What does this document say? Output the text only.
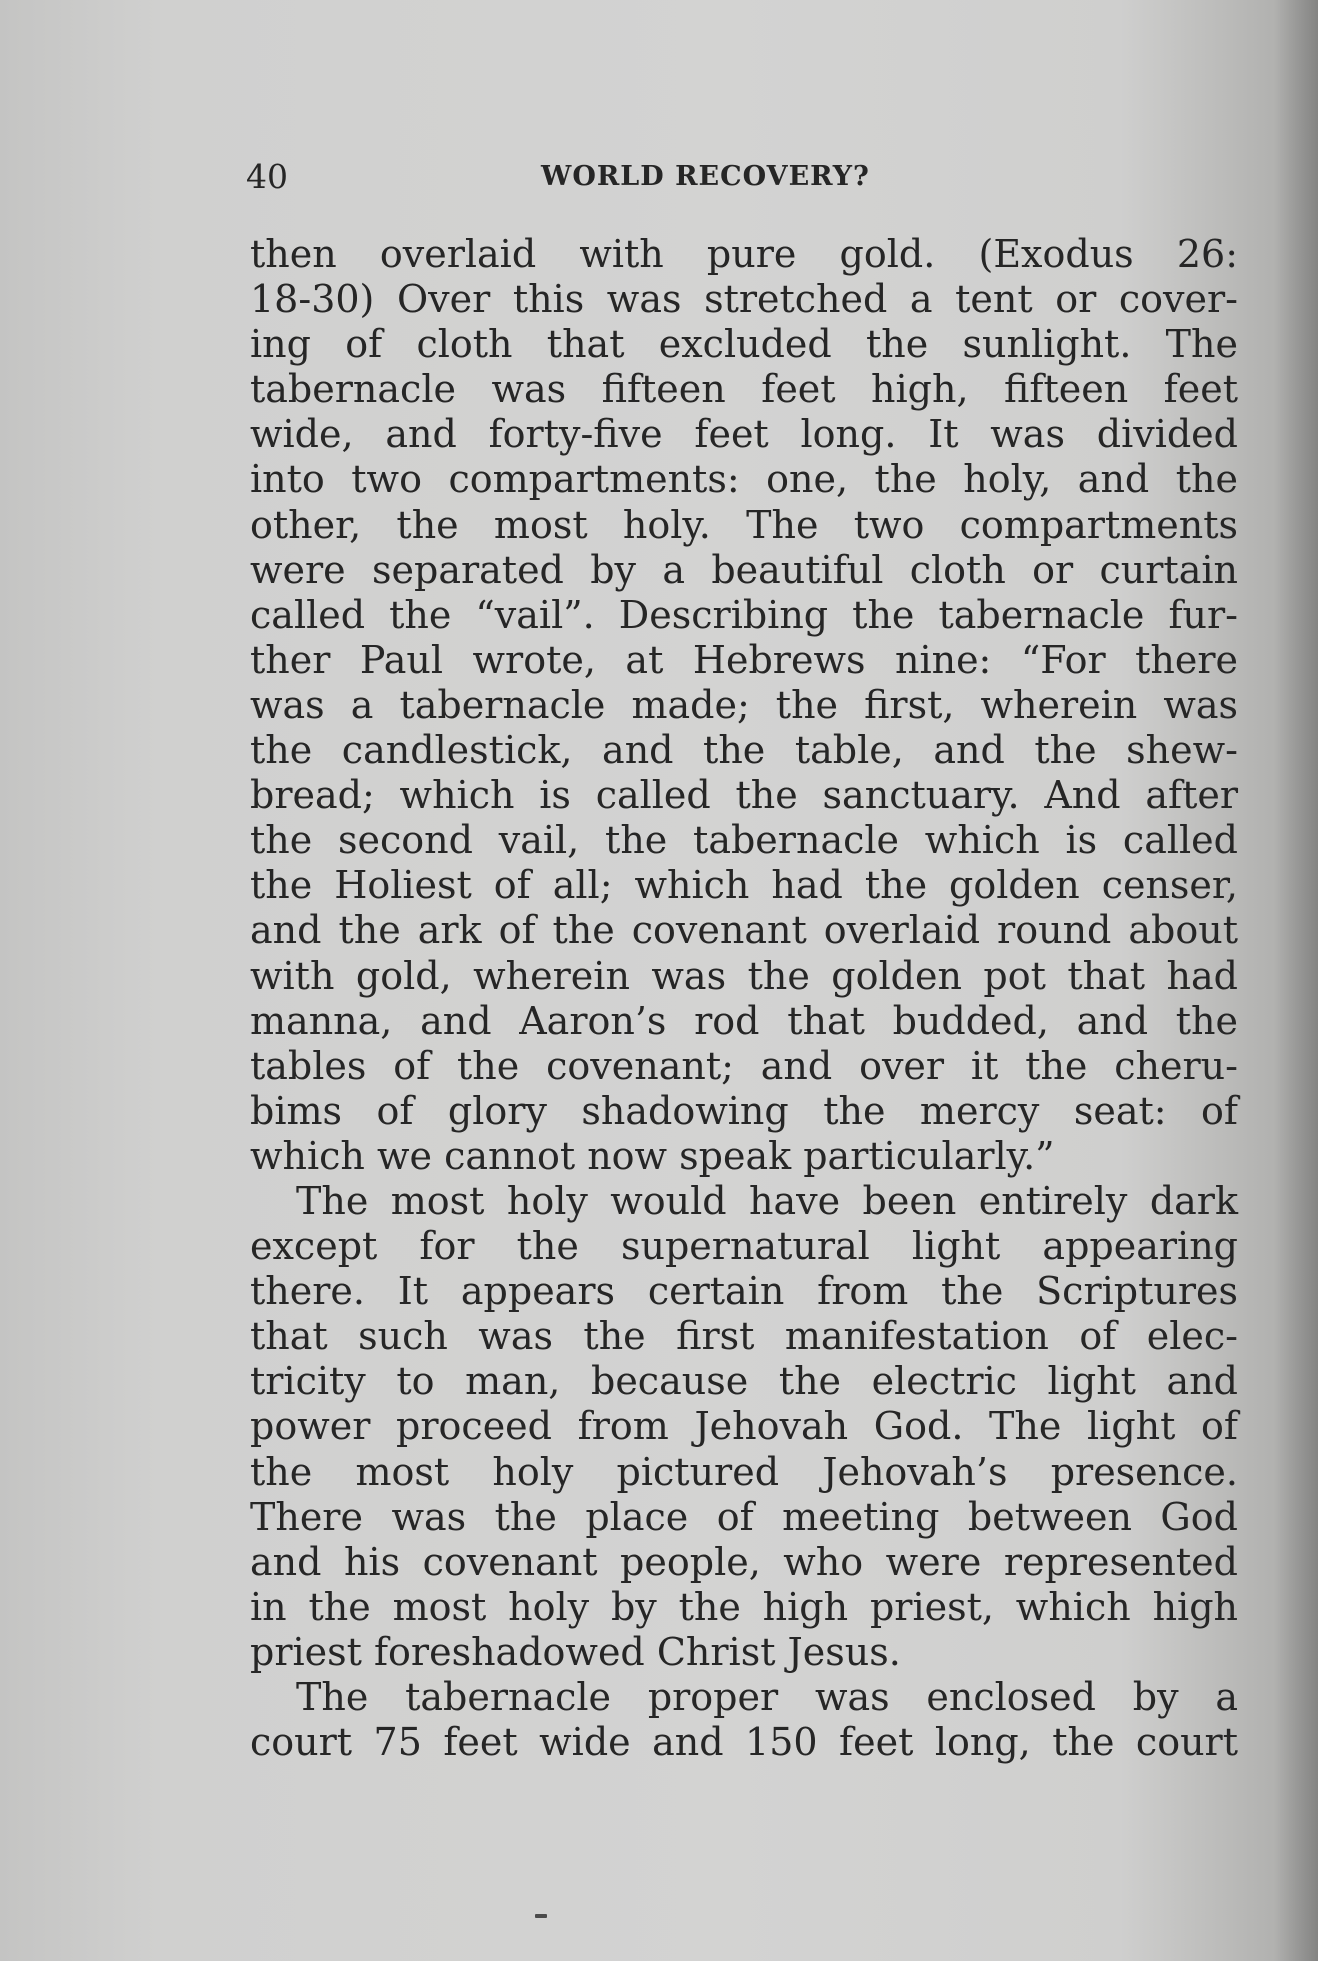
40	WORLD RECOVERY?
then overlaid with pure gold. (Exodus 26:
18-30) Over this was stretched a tent or cover-
ing of cloth that excluded the sunlight. The
tabernacle was fifteen feet high, fifteen feet
wide, and forty-five feet long. It was divided
into two compartments: one, the holy, and the
other, the most holy. The two compartments
were separated by a beautiful cloth or curtain
called the “vail”. Describing the tabernacle fur-
ther Paul wrote, at Hebrews nine: “For there
was a tabernacle made; the first, wherein was
the candlestick, and the table, and the shew-
bread; which is called the sanctuary. And after
the second vail, the tabernacle which is called
the Holiest of all; which had the golden censer,
and the ark of the covenant overlaid round about
with gold, wherein was the golden pot that had
manna, and Aaron’s rod that budded, and the
tables of the covenant; and over it the cheru-
bims of glory shadowing the mercy seat: of
which we cannot now speak particularly.”
The most holy would have been entirely dark
except for the supernatural light appearing
there. It appears certain from the Scriptures
that such was the first manifestation of elec-
tricity to man, because the electric light and
power proceed from Jehovah God. The light of
the most holy pictured Jehovah’s presence.
There was the place of meeting between God
and his covenant people, who were represented
in the most holy by the high priest, which high
priest foreshadowed Christ Jesus.
The tabernacle proper was enclosed by a
court 75 feet wide and 150 feet long, the court
